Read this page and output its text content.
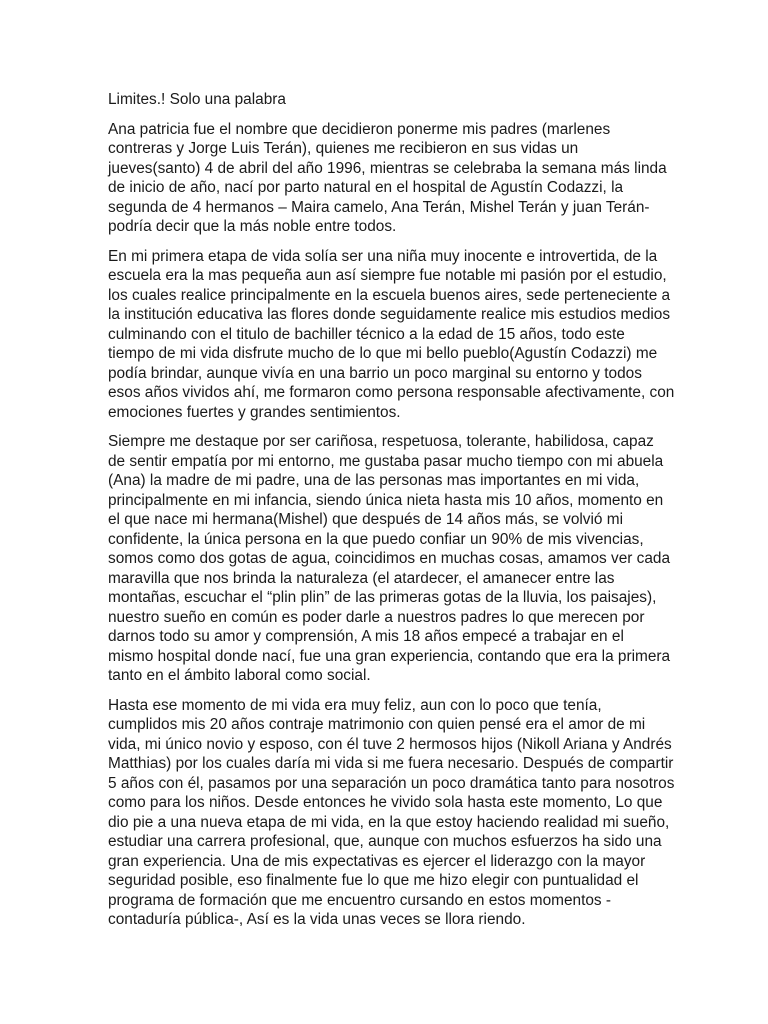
Limites.! Solo una palabra
Ana patricia fue el nombre que decidieron ponerme mis padres (marlenes
contreras y Jorge Luis Terán), quienes me recibieron en sus vidas un
jueves(santo) 4 de abril del año 1996, mientras se celebraba la semana más linda
de inicio de año, nací por parto natural en el hospital de Agustín Codazzi, la
segunda de 4 hermanos – Maira camelo, Ana Terán, Mishel Terán y juan Terán-
podría decir que la más noble entre todos.
En mi primera etapa de vida solía ser una niña muy inocente e introvertida, de la
escuela era la mas pequeña aun así siempre fue notable mi pasión por el estudio,
los cuales realice principalmente en la escuela buenos aires, sede perteneciente a
la institución educativa las flores donde seguidamente realice mis estudios medios
culminando con el titulo de bachiller técnico a la edad de 15 años, todo este
tiempo de mi vida disfrute mucho de lo que mi bello pueblo(Agustín Codazzi) me
podía brindar, aunque vivía en una barrio un poco marginal su entorno y todos
esos años vividos ahí, me formaron como persona responsable afectivamente, con
emociones fuertes y grandes sentimientos.
Siempre me destaque por ser cariñosa, respetuosa, tolerante, habilidosa, capaz
de sentir empatía por mi entorno, me gustaba pasar mucho tiempo con mi abuela
(Ana) la madre de mi padre, una de las personas mas importantes en mi vida,
principalmente en mi infancia, siendo única nieta hasta mis 10 años, momento en
el que nace mi hermana(Mishel) que después de 14 años más, se volvió mi
confidente, la única persona en la que puedo confiar un 90% de mis vivencias,
somos como dos gotas de agua, coincidimos en muchas cosas, amamos ver cada
maravilla que nos brinda la naturaleza (el atardecer, el amanecer entre las
montañas, escuchar el “plin plin” de las primeras gotas de la lluvia, los paisajes),
nuestro sueño en común es poder darle a nuestros padres lo que merecen por
darnos todo su amor y comprensión, A mis 18 años empecé a trabajar en el
mismo hospital donde nací, fue una gran experiencia, contando que era la primera
tanto en el ámbito laboral como social.
Hasta ese momento de mi vida era muy feliz, aun con lo poco que tenía,
cumplidos mis 20 años contraje matrimonio con quien pensé era el amor de mi
vida, mi único novio y esposo, con él tuve 2 hermosos hijos (Nikoll Ariana y Andrés
Matthias) por los cuales daría mi vida si me fuera necesario. Después de compartir
5 años con él, pasamos por una separación un poco dramática tanto para nosotros
como para los niños. Desde entonces he vivido sola hasta este momento, Lo que
dio pie a una nueva etapa de mi vida, en la que estoy haciendo realidad mi sueño,
estudiar una carrera profesional, que, aunque con muchos esfuerzos ha sido una
gran experiencia. Una de mis expectativas es ejercer el liderazgo con la mayor
seguridad posible, eso finalmente fue lo que me hizo elegir con puntualidad el
programa de formación que me encuentro cursando en estos momentos -
contaduría pública-, Así es la vida unas veces se llora riendo.
